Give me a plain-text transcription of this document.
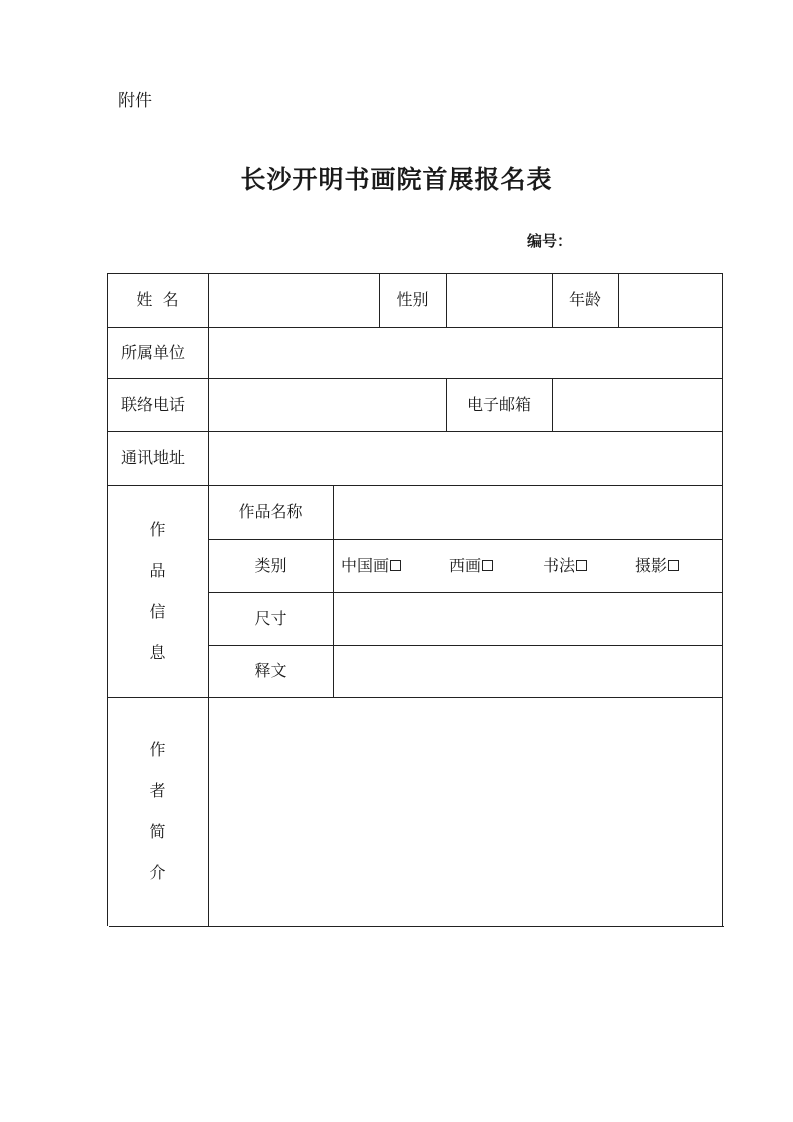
附件
长沙开明书画院首展报名表
编号：
姓  名	性别	年龄
所属单位
联络电话	电子邮箱
通讯地址
作
品
信
息
作品名称
类别	中国画	西画	书法	摄影
尺寸
释文
作
者
简
介
